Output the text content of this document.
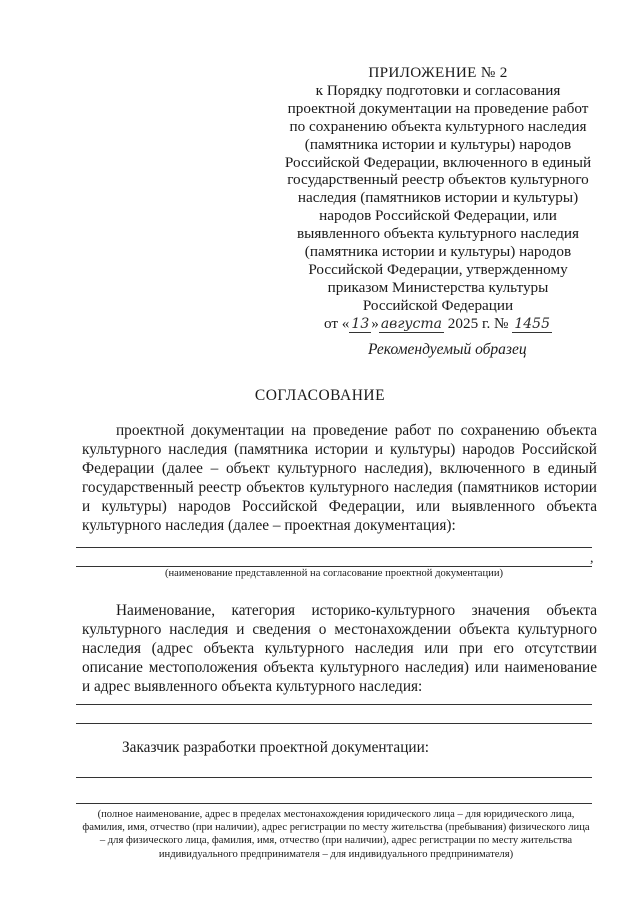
ПРИЛОЖЕНИЕ № 2
к Порядку подготовки и согласования
проектной документации на проведение работ
по сохранению объекта культурного наследия
(памятника истории и культуры) народов
Российской Федерации, включенного в единый
государственный реестр объектов культурного
наследия (памятников истории и культуры)
народов Российской Федерации, или
выявленного объекта культурного наследия
(памятника истории и культуры) народов
Российской Федерации, утвержденному
приказом Министерства культуры
Российской Федерации
от « 13 » августа 2025 г. № 1455
Рекомендуемый образец
СОГЛАСОВАНИЕ
проектной документации на проведение работ по сохранению объекта культурного наследия (памятника истории и культуры) народов Российской Федерации (далее – объект культурного наследия), включенного в единый государственный реестр объектов культурного наследия (памятников истории и культуры) народов Российской Федерации, или выявленного объекта культурного наследия (далее – проектная документация):
,
(наименование представленной на согласование проектной документации)
Наименование, категория историко-культурного значения объекта культурного наследия и сведения о местонахождении объекта культурного наследия (адрес объекта культурного наследия или при его отсутствии описание местоположения объекта культурного наследия) или наименование и адрес выявленного объекта культурного наследия:
Заказчик разработки проектной документации:
(полное наименование, адрес в пределах местонахождения юридического лица – для юридического лица,
фамилия, имя, отчество (при наличии), адрес регистрации по месту жительства (пребывания) физического лица
– для физического лица, фамилия, имя, отчество (при наличии), адрес регистрации по месту жительства
индивидуального предпринимателя – для индивидуального предпринимателя)
